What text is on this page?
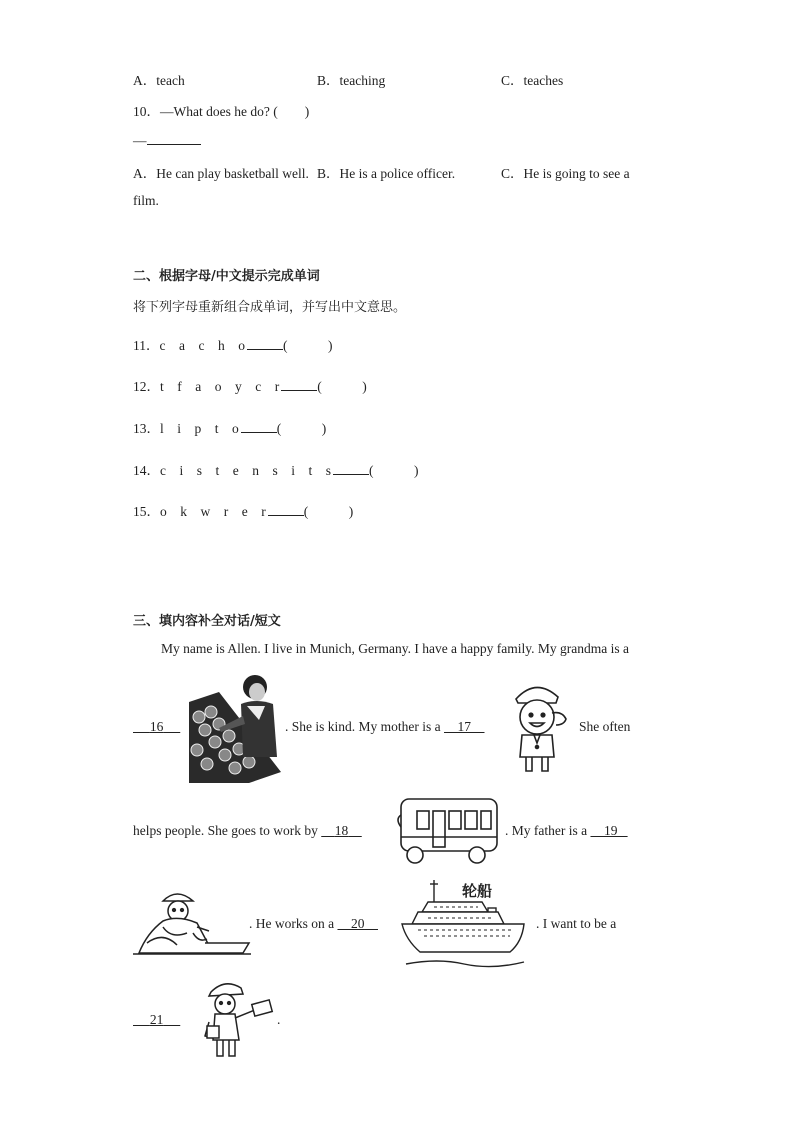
A．teach	B．teaching	C．teaches
10．—What does he do? (　　)
—
A．He can play basketball well. B．He is a police officer.	C．He is going to see a
film.
二、根据字母/中文提示完成单词
将下列字母重新组合成单词，并写出中文意思。
11．c　a　c　h　o	(　　　)
12．t　f　a　o　y　c　r	(　　　)
13．l　i　p　t　o	(　　　)
14．c　i　s　t　e　n　s　i　t　s	(　　　)
15．o　k　w　r　e　r	(　　　)
三、填内容补全对话/短文
My name is Allen. I live in Munich, Germany. I have a happy family. My grandma is a
16	. She is kind. My mother is a 17	She often
helps people. She goes to work by 18	. My father is a 19
. He works on a 20
轮船
. I want to be a
21	.
